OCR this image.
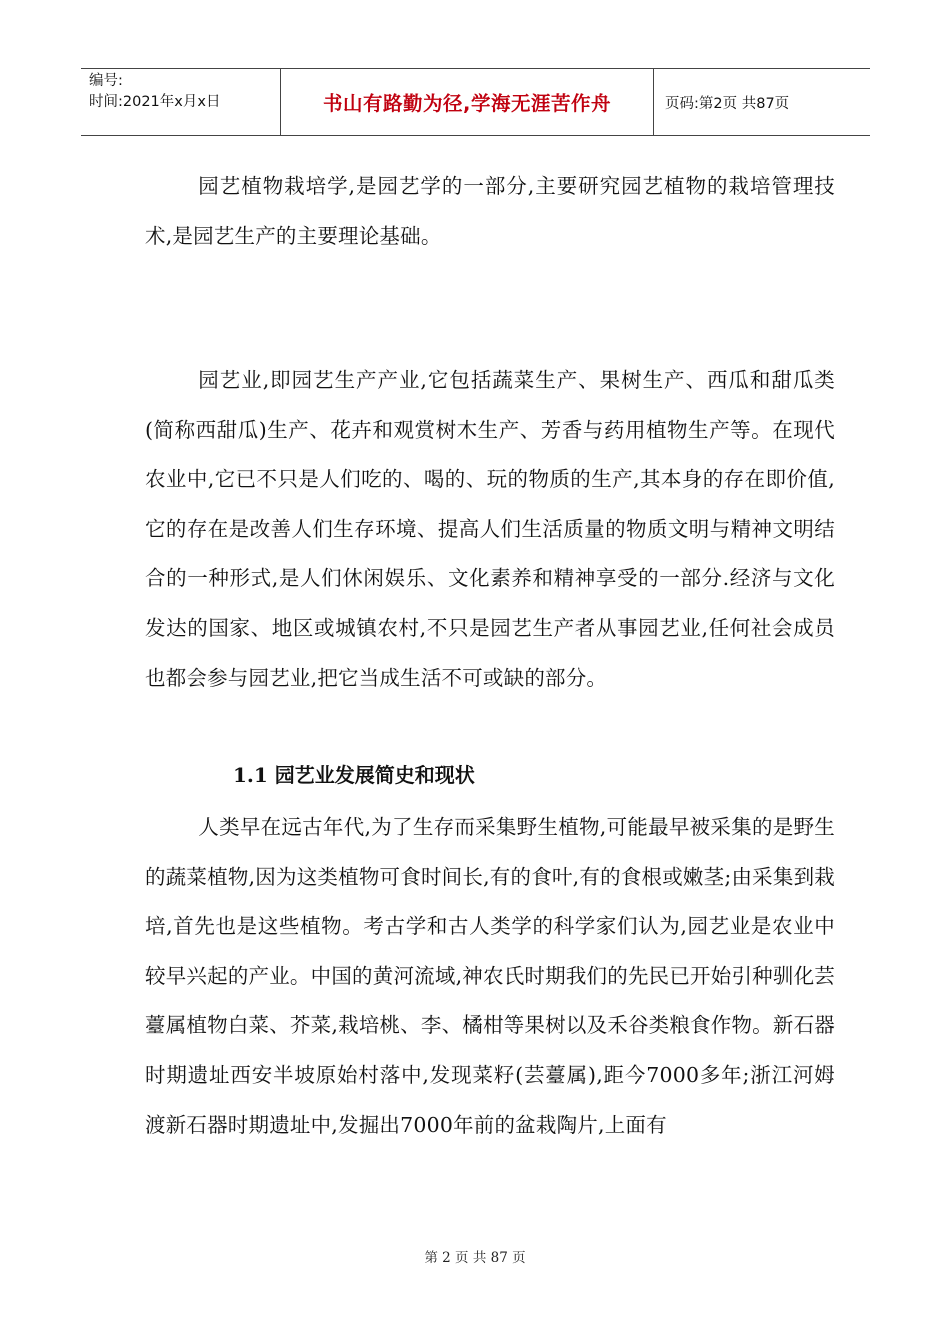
编号:
时间:2021年x月x日	书山有路勤为径,学海无涯苦作舟	页码:第2页 共87页

园艺植物栽培学,是园艺学的一部分,主要研究园艺植物的栽培管理技术,是园艺生产的主要理论基础。

园艺业,即园艺生产产业,它包括蔬菜生产、果树生产、西瓜和甜瓜类(简称西甜瓜)生产、花卉和观赏树木生产、芳香与药用植物生产等。在现代农业中,它已不只是人们吃的、喝的、玩的物质的生产,其本身的存在即价值,它的存在是改善人们生存环境、提高人们生活质量的物质文明与精神文明结合的一种形式,是人们休闲娱乐、文化素养和精神享受的一部分.经济与文化发达的国家、地区或城镇农村,不只是园艺生产者从事园艺业,任何社会成员也都会参与园艺业,把它当成生活不可或缺的部分。

1.1 园艺业发展简史和现状

人类早在远古年代,为了生存而采集野生植物,可能最早被采集的是野生的蔬菜植物,因为这类植物可食时间长,有的食叶,有的食根或嫩茎;由采集到栽培,首先也是这些植物。考古学和古人类学的科学家们认为,园艺业是农业中较早兴起的产业。中国的黄河流域,神农氏时期我们的先民已开始引种驯化芸薹属植物白菜、芥菜,栽培桃、李、橘柑等果树以及禾谷类粮食作物。新石器时期遗址西安半坡原始村落中,发现菜籽(芸薹属),距今7000多年;浙江河姆渡新石器时期遗址中,发掘出7000年前的盆栽陶片,上面有

第 2 页 共 87 页
